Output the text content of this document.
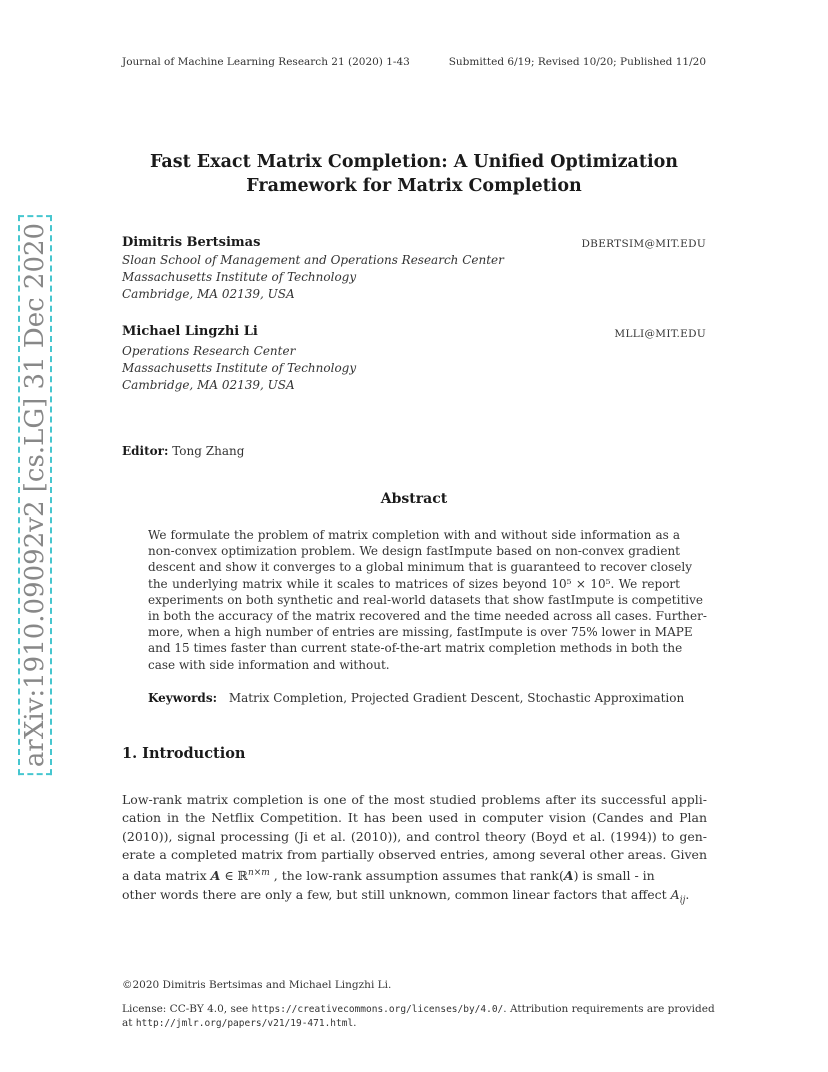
Journal of Machine Learning Research 21 (2020) 1-43	Submitted 6/19; Revised 10/20; Published 11/20
arXiv:1910.09092v2 [cs.LG] 31 Dec 2020
Fast Exact Matrix Completion: A Unified Optimization
Framework for Matrix Completion
Dimitris Bertsimas	DBERTSIM@MIT.EDU
Sloan School of Management and Operations Research Center
Massachusetts Institute of Technology
Cambridge, MA 02139, USA
Michael Lingzhi Li	MLLI@MIT.EDU
Operations Research Center
Massachusetts Institute of Technology
Cambridge, MA 02139, USA
Editor: Tong Zhang
Abstract
We formulate the problem of matrix completion with and without side information as a
non-convex optimization problem. We design fastImpute based on non-convex gradient
descent and show it converges to a global minimum that is guaranteed to recover closely
the underlying matrix while it scales to matrices of sizes beyond 10⁵ × 10⁵. We report
experiments on both synthetic and real-world datasets that show fastImpute is competitive
in both the accuracy of the matrix recovered and the time needed across all cases. Further-
more, when a high number of entries are missing, fastImpute is over 75% lower in MAPE
and 15 times faster than current state-of-the-art matrix completion methods in both the
case with side information and without.
Keywords: Matrix Completion, Projected Gradient Descent, Stochastic Approximation
1. Introduction
Low-rank matrix completion is one of the most studied problems after its successful appli-
cation in the Netflix Competition. It has been used in computer vision (Candes and Plan
(2010)), signal processing (Ji et al. (2010)), and control theory (Boyd et al. (1994)) to gen-
erate a completed matrix from partially observed entries, among several other areas. Given
a data matrix A ∈ ℝ$^{n\times m}$ , the low-rank assumption assumes that rank(A) is small - in
other words there are only a few, but still unknown, common linear factors that affect $A_{ij}$.
©2020 Dimitris Bertsimas and Michael Lingzhi Li.
License: CC-BY 4.0, see https://creativecommons.org/licenses/by/4.0/. Attribution requirements are provided
at http://jmlr.org/papers/v21/19-471.html.
